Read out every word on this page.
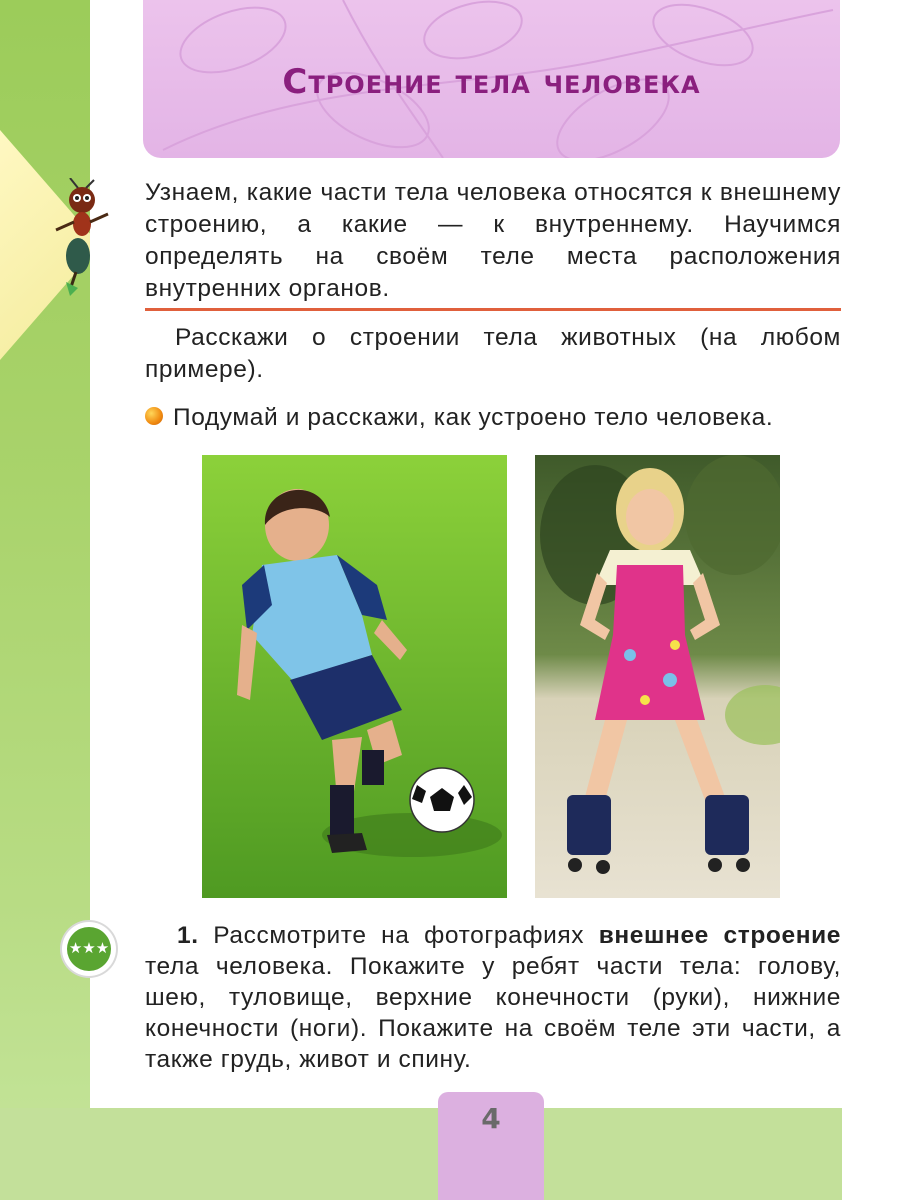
Строение тела человека
Узнаем, какие части тела человека относятся к внешнему строению, а какие — к внутреннему. Научимся определять на своём теле места расположения внутренних органов.
Расскажи о строении тела животных (на любом примере).
Подумай и расскажи, как устроено тело человека.
★★★	1. Рассмотрите на фотографиях внешнее строение тела человека. Покажите у ребят части тела: голову, шею, туловище, верхние конечности (руки), нижние конечности (ноги). Покажите на своём теле эти части, а также грудь, живот и спину.
4
